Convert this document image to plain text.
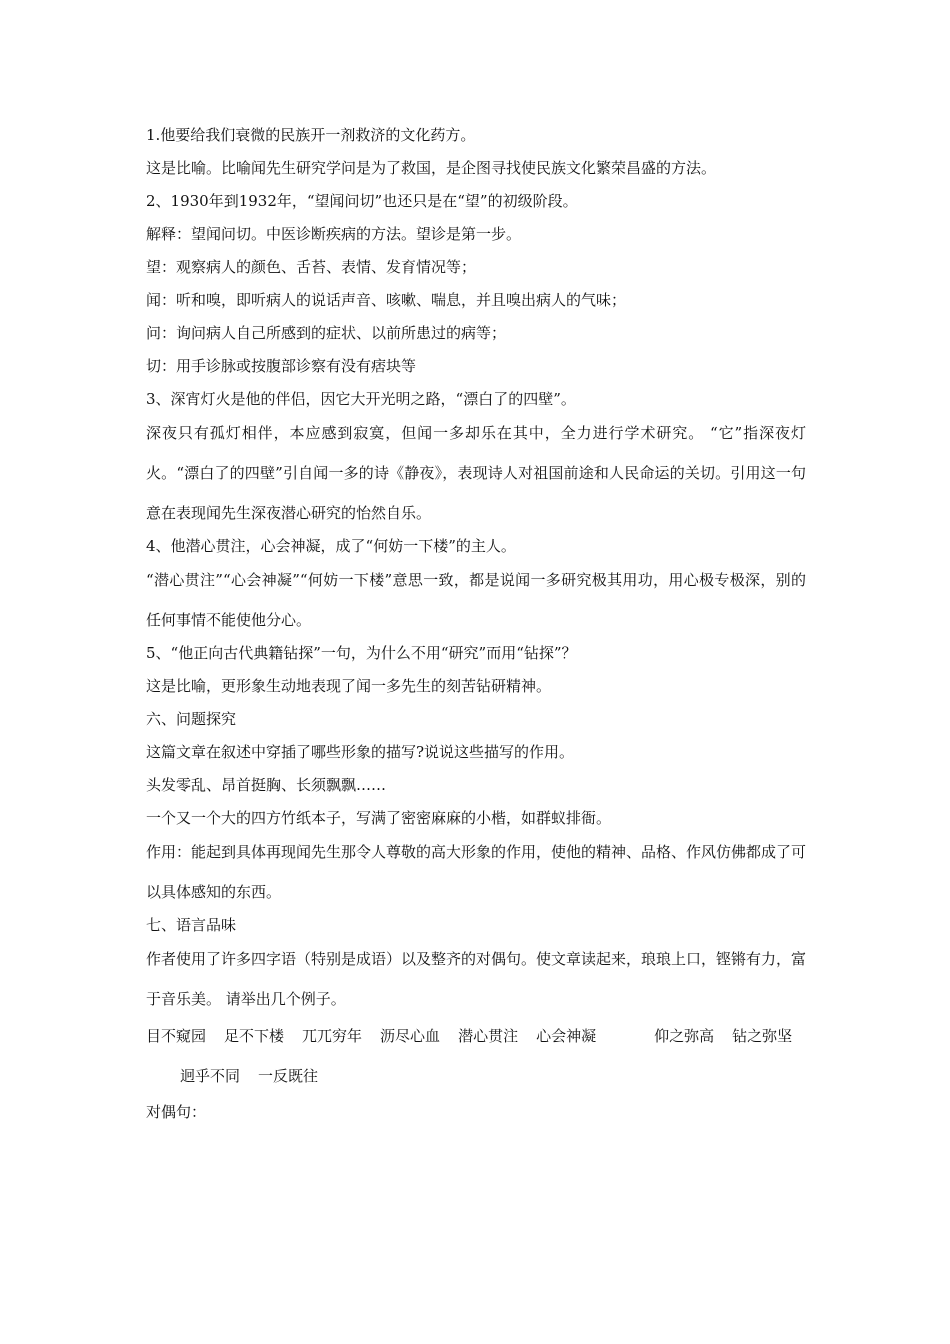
1.他要给我们衰微的民族开一剂救济的文化药方。

这是比喻。比喻闻先生研究学问是为了救国，是企图寻找使民族文化繁荣昌盛的方法。

2、1930年到1932年，“望闻问切”也还只是在“望”的初级阶段。

解释：望闻问切。中医诊断疾病的方法。望诊是第一步。

望：观察病人的颜色、舌苔、表情、发育情况等；

闻：听和嗅，即听病人的说话声音、咳嗽、喘息，并且嗅出病人的气味；

问：询问病人自己所感到的症状、以前所患过的病等；

切：用手诊脉或按腹部诊察有没有痞块等

3、深宵灯火是他的伴侣，因它大开光明之路，“漂白了的四壁”。

深夜只有孤灯相伴，本应感到寂寞，但闻一多却乐在其中，全力进行学术研究。 “它”指深夜灯火。“漂白了的四壁”引自闻一多的诗《静夜》，表现诗人对祖国前途和人民命运的关切。引用这一句意在表现闻先生深夜潜心研究的怡然自乐。

4、他潜心贯注，心会神凝，成了“何妨一下楼”的主人。

“潜心贯注”“心会神凝”“何妨一下楼”意思一致，都是说闻一多研究极其用功，用心极专极深，别的任何事情不能使他分心。

5、“他正向古代典籍钻探”一句，为什么不用“研究”而用“钻探”？

这是比喻，更形象生动地表现了闻一多先生的刻苦钻研精神。

六、问题探究

这篇文章在叙述中穿插了哪些形象的描写?说说这些描写的作用。

头发零乱、昂首挺胸、长须飘飘……

一个又一个大的四方竹纸本子，写满了密密麻麻的小楷，如群蚁排衙。

作用：能起到具体再现闻先生那令人尊敬的高大形象的作用，使他的精神、品格、作风仿佛都成了可以具体感知的东西。

七、语言品味

作者使用了许多四字语（特别是成语）以及整齐的对偶句。使文章读起来，琅琅上口，铿锵有力，富于音乐美。 请举出几个例子。

目不窥园 足不下楼 兀兀穷年 沥尽心血 潜心贯注 心会神凝	仰之弥高 钻之弥坚
迥乎不同 一反既往

对偶句：
